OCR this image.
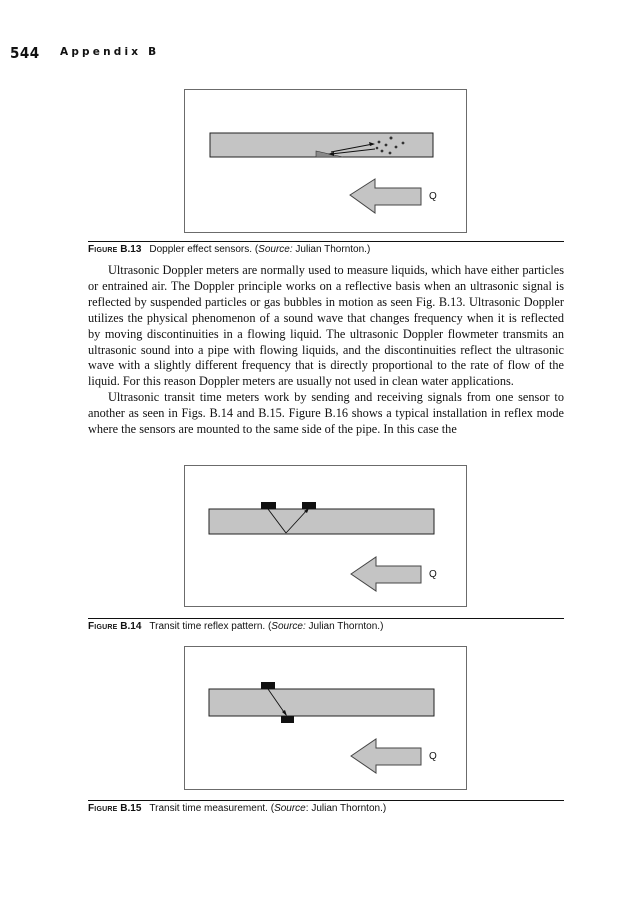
544 Appendix B
Q
Figure B.13 Doppler effect sensors. (Source: Julian Thornton.)

Ultrasonic Doppler meters are normally used to measure liquids, which have either particles or entrained air. The Doppler principle works on a reflective basis when an ultrasonic signal is reflected by suspended particles or gas bubbles in motion as seen Fig. B.13. Ultrasonic Doppler utilizes the physical phenomenon of a sound wave that changes frequency when it is reflected by moving discontinuities in a flowing liquid. The ultrasonic Doppler flowmeter transmits an ultrasonic sound into a pipe with flowing liquids, and the discontinuities reflect the ultrasonic wave with a slightly different frequency that is directly proportional to the rate of flow of the liquid. For this reason Doppler meters are usually not used in clean water applications.

Ultrasonic transit time meters work by sending and receiving signals from one sensor to another as seen in Figs. B.14 and B.15. Figure B.16 shows a typical installation in reflex mode where the sensors are mounted to the same side of the pipe. In this case the

Q
Figure B.14 Transit time reflex pattern. (Source: Julian Thornton.)
Q
Figure B.15 Transit time measurement. (Source: Julian Thornton.)
